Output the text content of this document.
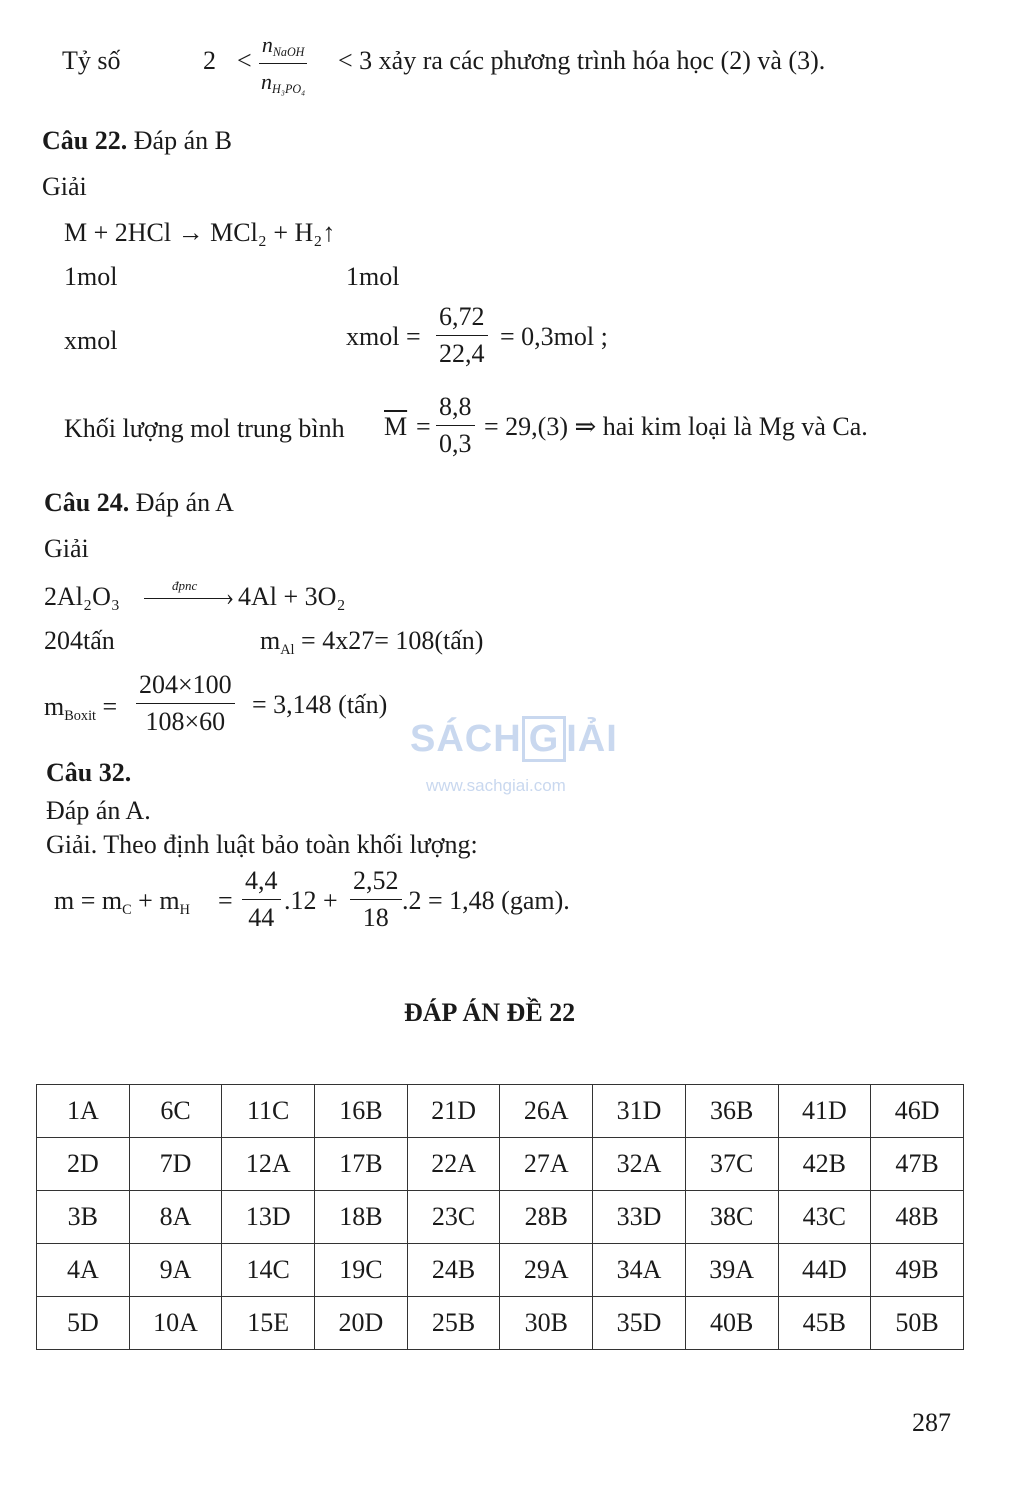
Tỷ số	2 <
$n_{NaOH}$
$n_{H_3PO_4}$
< 3 xảy ra các phương trình hóa học (2) và (3).
Câu 22. Đáp án B
Giải
M + 2HCl → MCl₂ + H₂↑
1mol	1mol
xmol	xmol = $\frac{6,72}{22,4} = 0,3mol$ ;
Khối lượng mol trung bình $\overline{M} = \frac{8,8}{0,3} = 29,(3)$ ⇒ hai kim loại là Mg và Ca.
Câu 24. Đáp án A
Giải
2Al₂O₃	đpnc › 4Al + 3O₂
204tấn	$m_{Al} = 4x27=$ 108(tấn)
$m_{Boxit} = \frac{204\times 100}{108\times 60} = 3,148$ (tấn)
SÁCH G IẢI
www.sachgiai.com
Câu 32.
Đáp án A.
Giải. Theo định luật bảo toàn khối lượng:
$m = m_C + m_H = \frac{4,4}{44} .12 + \frac{2,52}{18} .2 = 1,48$ (gam).
ĐÁP ÁN ĐỀ 22
1A	6C	11C	16B	21D	26A	31D	36B	41D	46D
2D	7D	12A	17B	22A	27A	32A	37C	42B	47B
3B	8A	13D	18B	23C	28B	33D	38C	43C	48B
4A	9A	14C	19C	24B	29A	34A	39A	44D	49B
5D	10A	15E	20D	25B	30B	35D	40B	45B	50B
287
